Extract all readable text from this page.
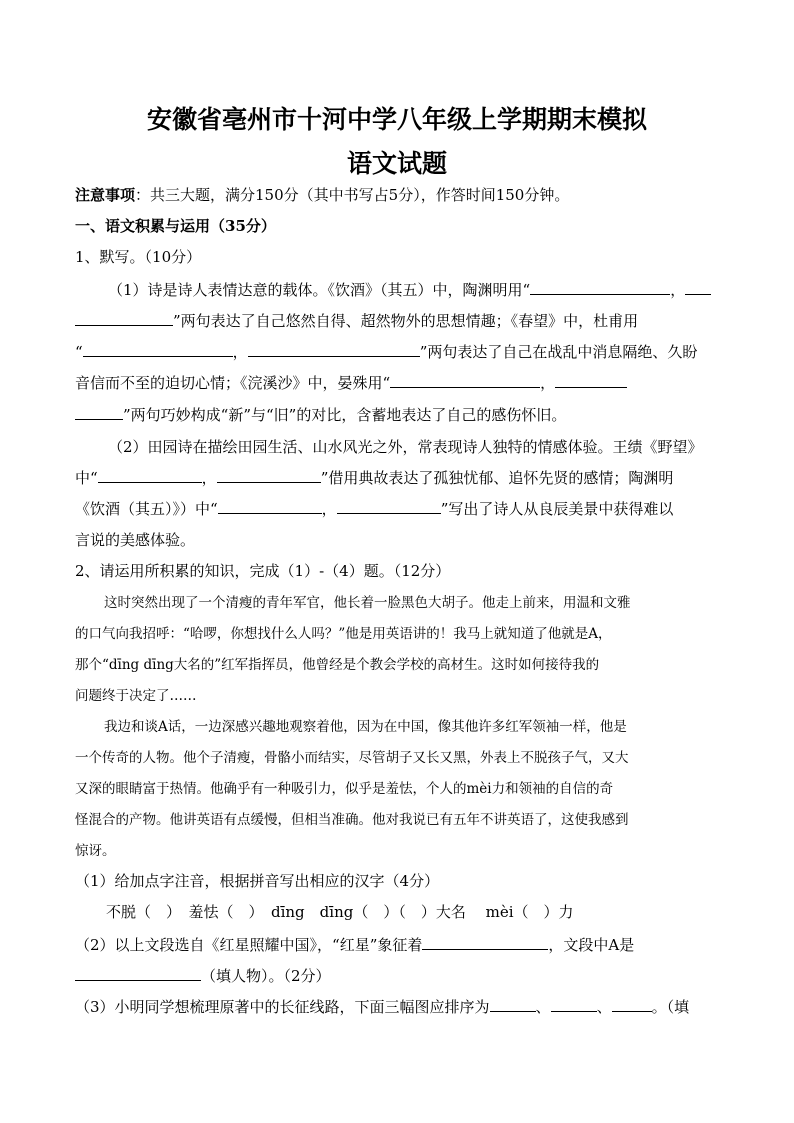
安徽省亳州市十河中学八年级上学期期末模拟
语文试题
注意事项：共三大题，满分150分（其中书写占5分），作答时间150分钟。
一、语文积累与运用（35分）
1、默写。（10分）
（1）诗是诗人表情达意的载体。《饮酒》（其五）中，陶渊明用“	，
”两句表达了自己悠然自得、超然物外的思想情趣；《春望》中，杜甫用
“	，	”两句表达了自己在战乱中消息隔绝、久盼
音信而不至的迫切心情；《浣溪沙》中，晏殊用“	，
”两句巧妙构成“新”与“旧”的对比，含蓄地表达了自己的感伤怀旧。
（2）田园诗在描绘田园生活、山水风光之外，常表现诗人独特的情感体验。王绩《野望》
中“	，	”借用典故表达了孤独忧郁、追怀先贤的感情；陶渊明
《饮酒（其五）》）中“	，	”写出了诗人从良辰美景中获得难以
言说的美感体验。
2、请运用所积累的知识，完成（1）-（4）题。（12分）
这时突然出现了一个清瘦的青年军官，他长着一脸黑色大胡子。他走上前来，用温和文雅
的口气向我招呼：“哈啰，你想找什么人吗？”他是用英语讲的！我马上就知道了他就是A，
那个“dīng dīng大名的”红军指挥员，他曾经是个教会学校的高材生。这时如何接待我的
问题终于决定了……
我边和谈A话，一边深感兴趣地观察着他，因为在中国，像其他许多红军领袖一样，他是
一个传奇的人物。他个子清瘦，骨骼小而结实，尽管胡子又长又黑，外表上不脱孩子气，又大
又深的眼睛富于热情。他确乎有一种吸引力，似乎是羞怯，个人的mèi力和领袖的自信的奇
怪混合的产物。他讲英语有点缓慢，但相当准确。他对我说已有五年不讲英语了，这使我感到
惊讶。
（1）给加点字注音，根据拼音写出相应的汉字（4分）
不脱（　）　羞怯（　）　dīng　dīng（　）（　）大名　 mèi（　）力
（2）以上文段选自《红星照耀中国》，“红星”象征着	，文段中A是
（填人物）。（2分）
（3）小明同学想梳理原著中的长征线路，下面三幅图应排序为	、	、	。（填
